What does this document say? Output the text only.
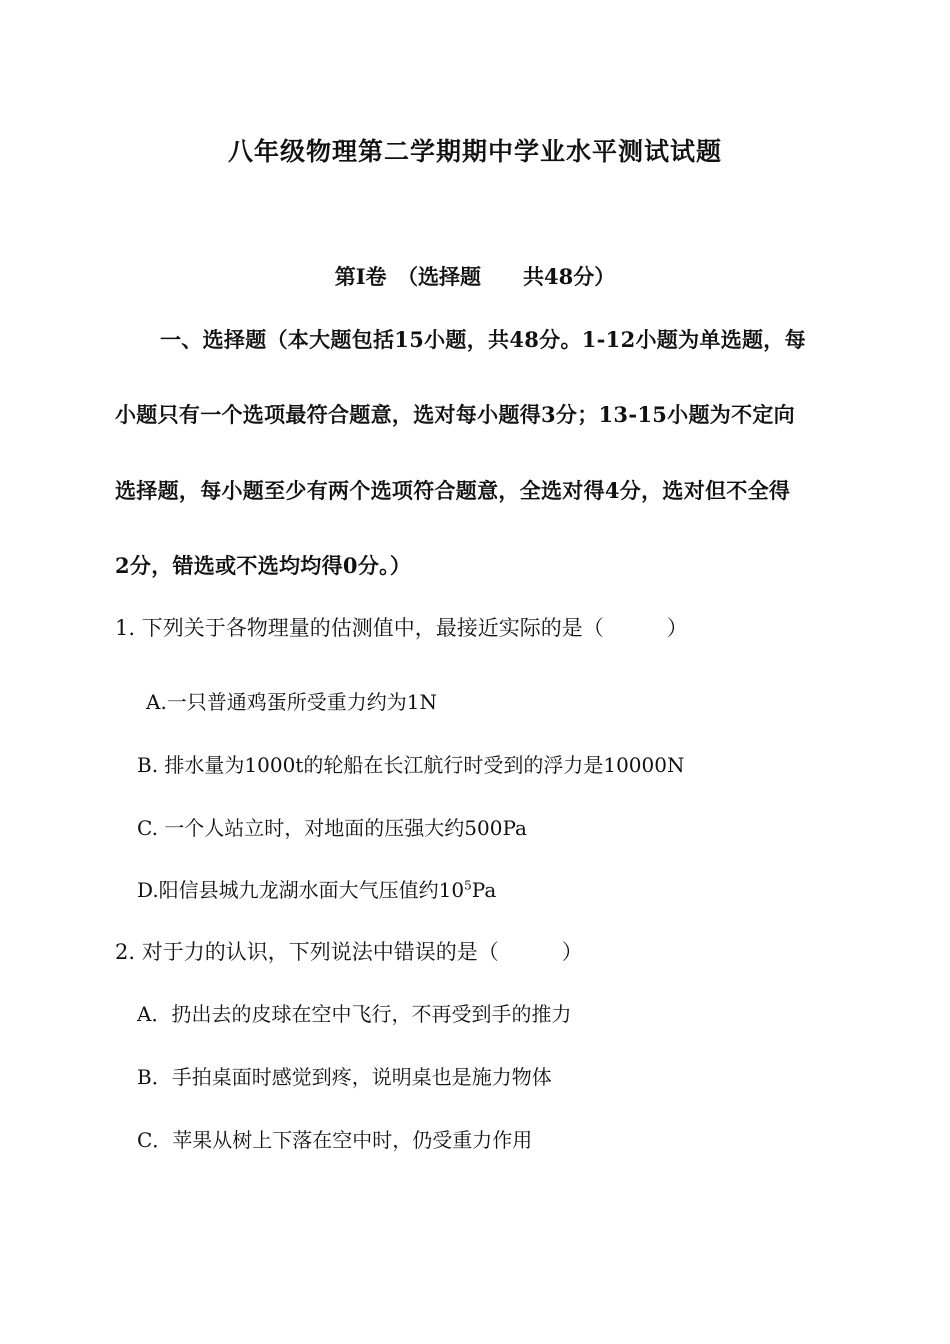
八年级物理第二学期期中学业水平测试试题
第Ⅰ卷　（选择题　　共48分）
一、选择题（本大题包括15小题，共48分。1-12小题为单选题，每
小题只有一个选项最符合题意，选对每小题得3分；13-15小题为不定向
选择题，每小题至少有两个选项符合题意，全选对得4分，选对但不全得
2分，错选或不选均均得0分。）
1. 下列关于各物理量的估测值中，最接近实际的是（　　　）
A.一只普通鸡蛋所受重力约为1N
B. 排水量为1000t的轮船在长江航行时受到的浮力是10000N
C. 一个人站立时，对地面的压强大约500Pa
D.阳信县城九龙湖水面大气压值约$10^5Pa$
2. 对于力的认识，下列说法中错误的是（　　　）
A．扔出去的皮球在空中飞行，不再受到手的推力
B．手拍桌面时感觉到疼，说明桌也是施力物体
C．苹果从树上下落在空中时，仍受重力作用
